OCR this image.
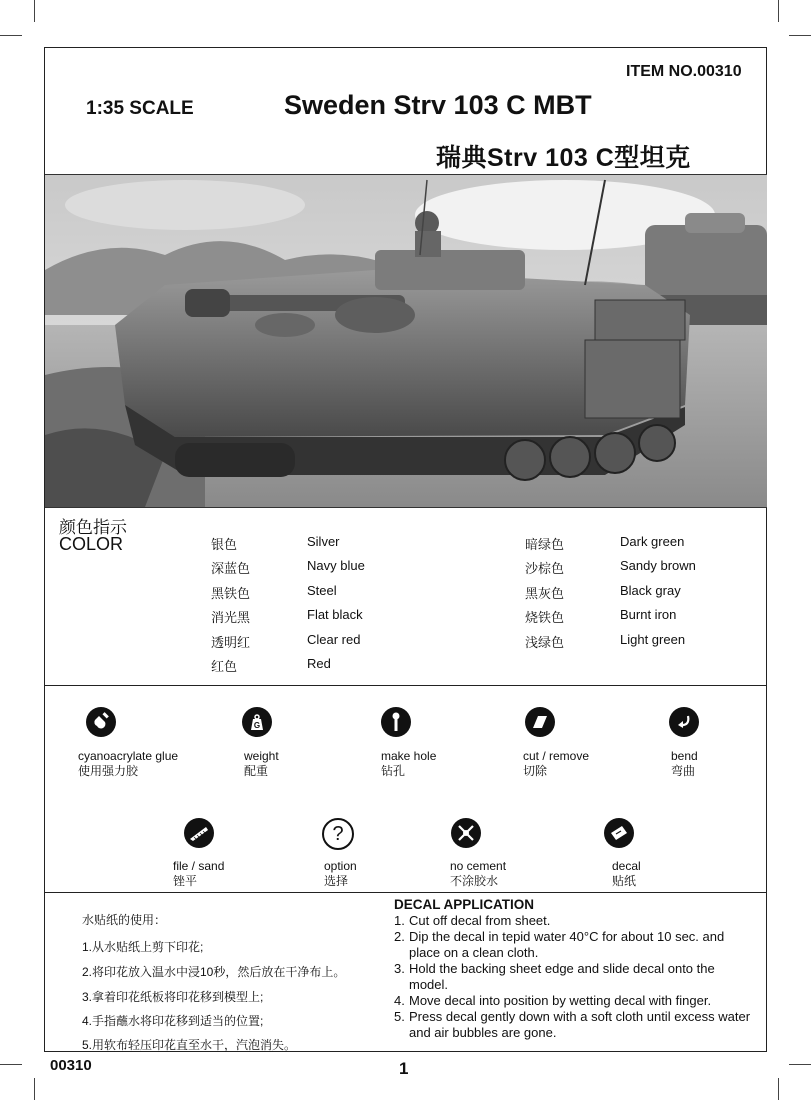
ITEM NO.00310
1:35 SCALE	Sweden Strv 103 C MBT
瑞典Strv 103 C型坦克
颜色指示
COLOR	银色	Silver
深蓝色	Navy blue
黑铁色	Steel
消光黑	Flat black
透明红	Clear red
红色	Red
暗绿色	Dark green
沙棕色	Sandy brown
黑灰色	Black gray
烧铁色	Burnt iron
浅绿色	Light green
cyanoacrylate glue
使用强力胶
G
weight
配重
make hole
钻孔
cut / remove
切除
bend
弯曲
file / sand
锉平
?
option
选择
no cement
不涂胶水
decal
贴纸
水贴纸的使用：
1.从水贴纸上剪下印花;
2.将印花放入温水中浸10秒，然后放在干净布上。
3.拿着印花纸板将印花移到模型上;
4.手指蘸水将印花移到适当的位置;
5.用软布轻压印花直至水干，汽泡消失。
DECAL APPLICATION
1. Cut off decal from sheet.
2. Dip the decal in tepid water 40°C for about 10 sec. and place on a clean cloth.
3. Hold the backing sheet edge and slide decal onto the model.
4. Move decal into position by wetting decal with finger.
5. Press decal gently down with a soft cloth until excess water and air bubbles are gone.
00310	1
